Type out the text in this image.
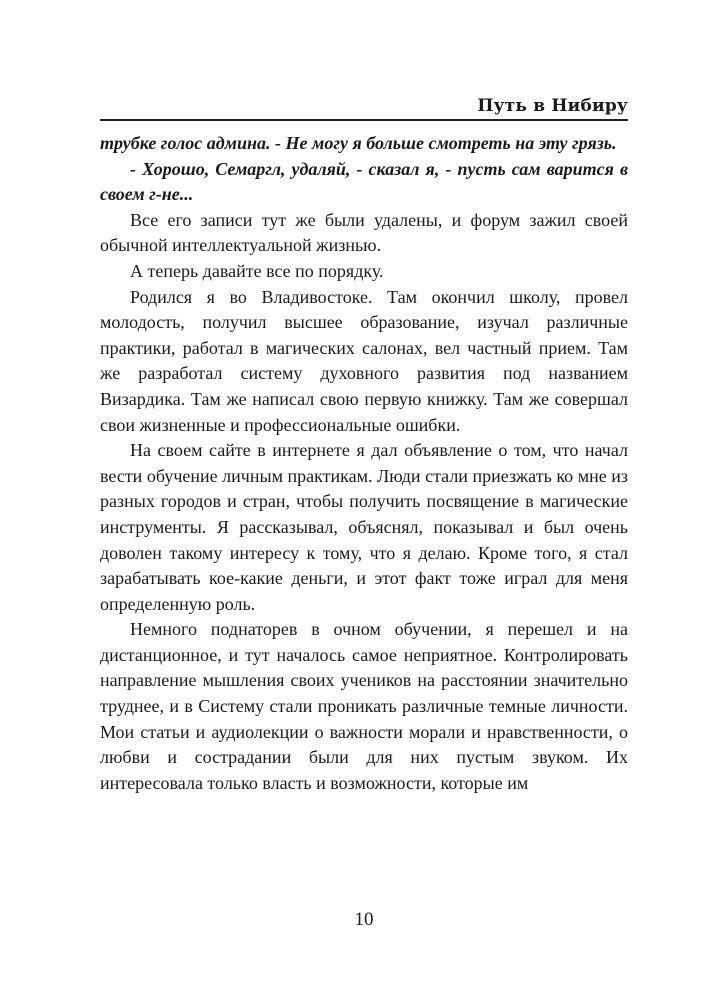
Путь в Нибиру

трубке голос админа. - Не могу я больше смотреть на эту грязь.

- Хорошо, Семаргл, удаляй, - сказал я, - пусть сам варится в своем г-не...

Все его записи тут же были удалены, и форум зажил своей обычной интеллектуальной жизнью.

А теперь давайте все по порядку.

Родился я во Владивостоке. Там окончил школу, провел молодость, получил высшее образование, изучал различные практики, работал в магических салонах, вел частный прием. Там же разработал систему духовного развития под названием Визардика. Там же написал свою первую книжку. Там же совершал свои жизненные и профессиональные ошибки.

На своем сайте в интернете я дал объявление о том, что начал вести обучение личным практикам. Люди стали приезжать ко мне из разных городов и стран, чтобы получить посвящение в магические инструменты. Я рассказывал, объяснял, показывал и был очень доволен такому интересу к тому, что я делаю. Кроме того, я стал зарабатывать кое-какие деньги, и этот факт тоже играл для меня определенную роль.

Немного поднаторев в очном обучении, я перешел и на дистанционное, и тут началось самое неприятное. Контролировать направление мышления своих учеников на расстоянии значительно труднее, и в Систему стали проникать различные темные личности. Мои статьи и аудиолекции о важности морали и нравственности, о любви и сострадании были для них пустым звуком. Их интересовала только власть и возможности, которые им

10
